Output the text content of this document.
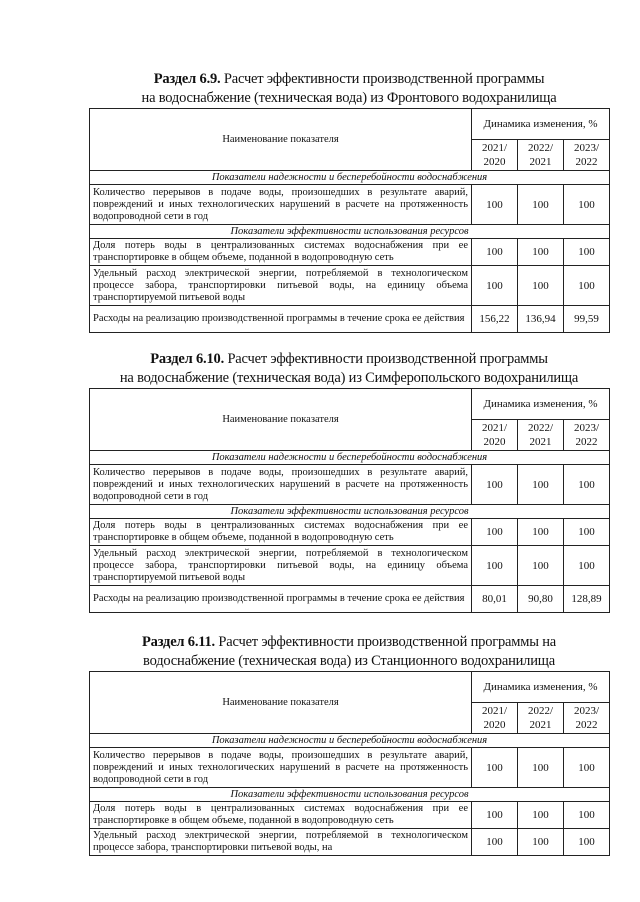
Раздел 6.9. Расчет эффективности производственной программы
на водоснабжение (техническая вода) из Фронтового водохранилища
Наименование показателя	Динамика изменения, %		
	2021/ 2020	2022/ 2021	2023/ 2022
Показатели надежности и бесперебойности водоснабжения			
Количество перерывов в подаче воды, произошедших в результате аварий, повреждений и иных технологических нарушений в расчете на протяженность водопроводной сети в год	100	100	100
Показатели эффективности использования ресурсов			
Доля потерь воды в централизованных системах водоснабжения при ее транспортировке в общем объеме, поданной в водопроводную сеть	100	100	100
Удельный расход электрической энергии, потребляемой в технологическом процессе забора, транспортировки питьевой воды, на единицу объема транспортируемой питьевой воды	100	100	100
Расходы на реализацию производственной программы в течение срока ее действия	156,22	136,94	99,59
Раздел 6.10. Расчет эффективности производственной программы
на водоснабжение (техническая вода) из Симферопольского водохранилища
Наименование показателя	Динамика изменения, %		
	2021/ 2020	2022/ 2021	2023/ 2022
Показатели надежности и бесперебойности водоснабжения			
Количество перерывов в подаче воды, произошедших в результате аварий, повреждений и иных технологических нарушений в расчете на протяженность водопроводной сети в год	100	100	100
Показатели эффективности использования ресурсов			
Доля потерь воды в централизованных системах водоснабжения при ее транспортировке в общем объеме, поданной в водопроводную сеть	100	100	100
Удельный расход электрической энергии, потребляемой в технологическом процессе забора, транспортировки питьевой воды, на единицу объема транспортируемой питьевой воды	100	100	100
Расходы на реализацию производственной программы в течение срока ее действия	80,01	90,80	128,89
Раздел 6.11. Расчет эффективности производственной программы на
водоснабжение (техническая вода) из Станционного водохранилища
Наименование показателя	Динамика изменения, %		
	2021/ 2020	2022/ 2021	2023/ 2022
Показатели надежности и бесперебойности водоснабжения			
Количество перерывов в подаче воды, произошедших в результате аварий, повреждений и иных технологических нарушений в расчете на протяженность водопроводной сети в год	100	100	100
Показатели эффективности использования ресурсов			
Доля потерь воды в централизованных системах водоснабжения при ее транспортировке в общем объеме, поданной в водопроводную сеть	100	100	100
Удельный расход электрической энергии, потребляемой в технологическом процессе забора, транспортировки питьевой воды, на	100	100	100
